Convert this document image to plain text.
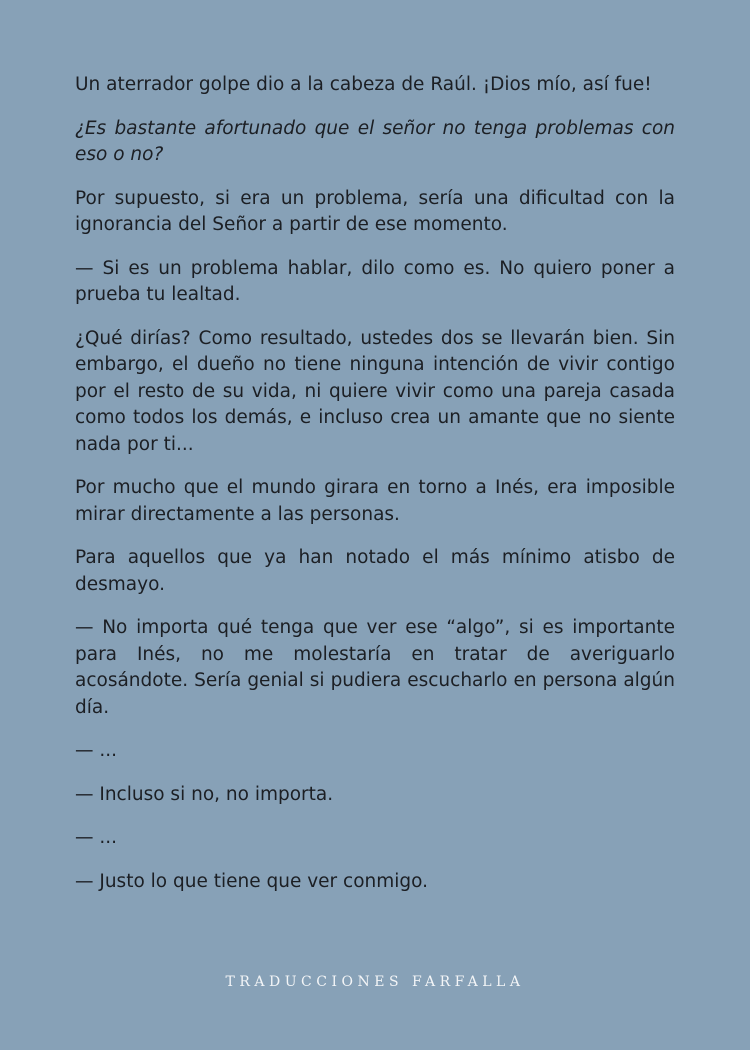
Un aterrador golpe dio a la cabeza de Raúl. ¡Dios mío, así fue!

¿Es bastante afortunado que el señor no tenga problemas con eso o no?

Por supuesto, si era un problema, sería una dificultad con la ignorancia del Señor a partir de ese momento.

— Si es un problema hablar, dilo como es. No quiero poner a prueba tu lealtad.

¿Qué dirías? Como resultado, ustedes dos se llevarán bien. Sin embargo, el dueño no tiene ninguna intención de vivir contigo por el resto de su vida, ni quiere vivir como una pareja casada como todos los demás, e incluso crea un amante que no siente nada por ti...

Por mucho que el mundo girara en torno a Inés, era imposible mirar directamente a las personas.

Para aquellos que ya han notado el más mínimo atisbo de desmayo.

— No importa qué tenga que ver ese “algo”, si es importante para Inés, no me molestaría en tratar de averiguarlo acosándote. Sería genial si pudiera escucharlo en persona algún día.

— ...

— Incluso si no, no importa.

— ...

— Justo lo que tiene que ver conmigo.

TRADUCCIONES FARFALLA
